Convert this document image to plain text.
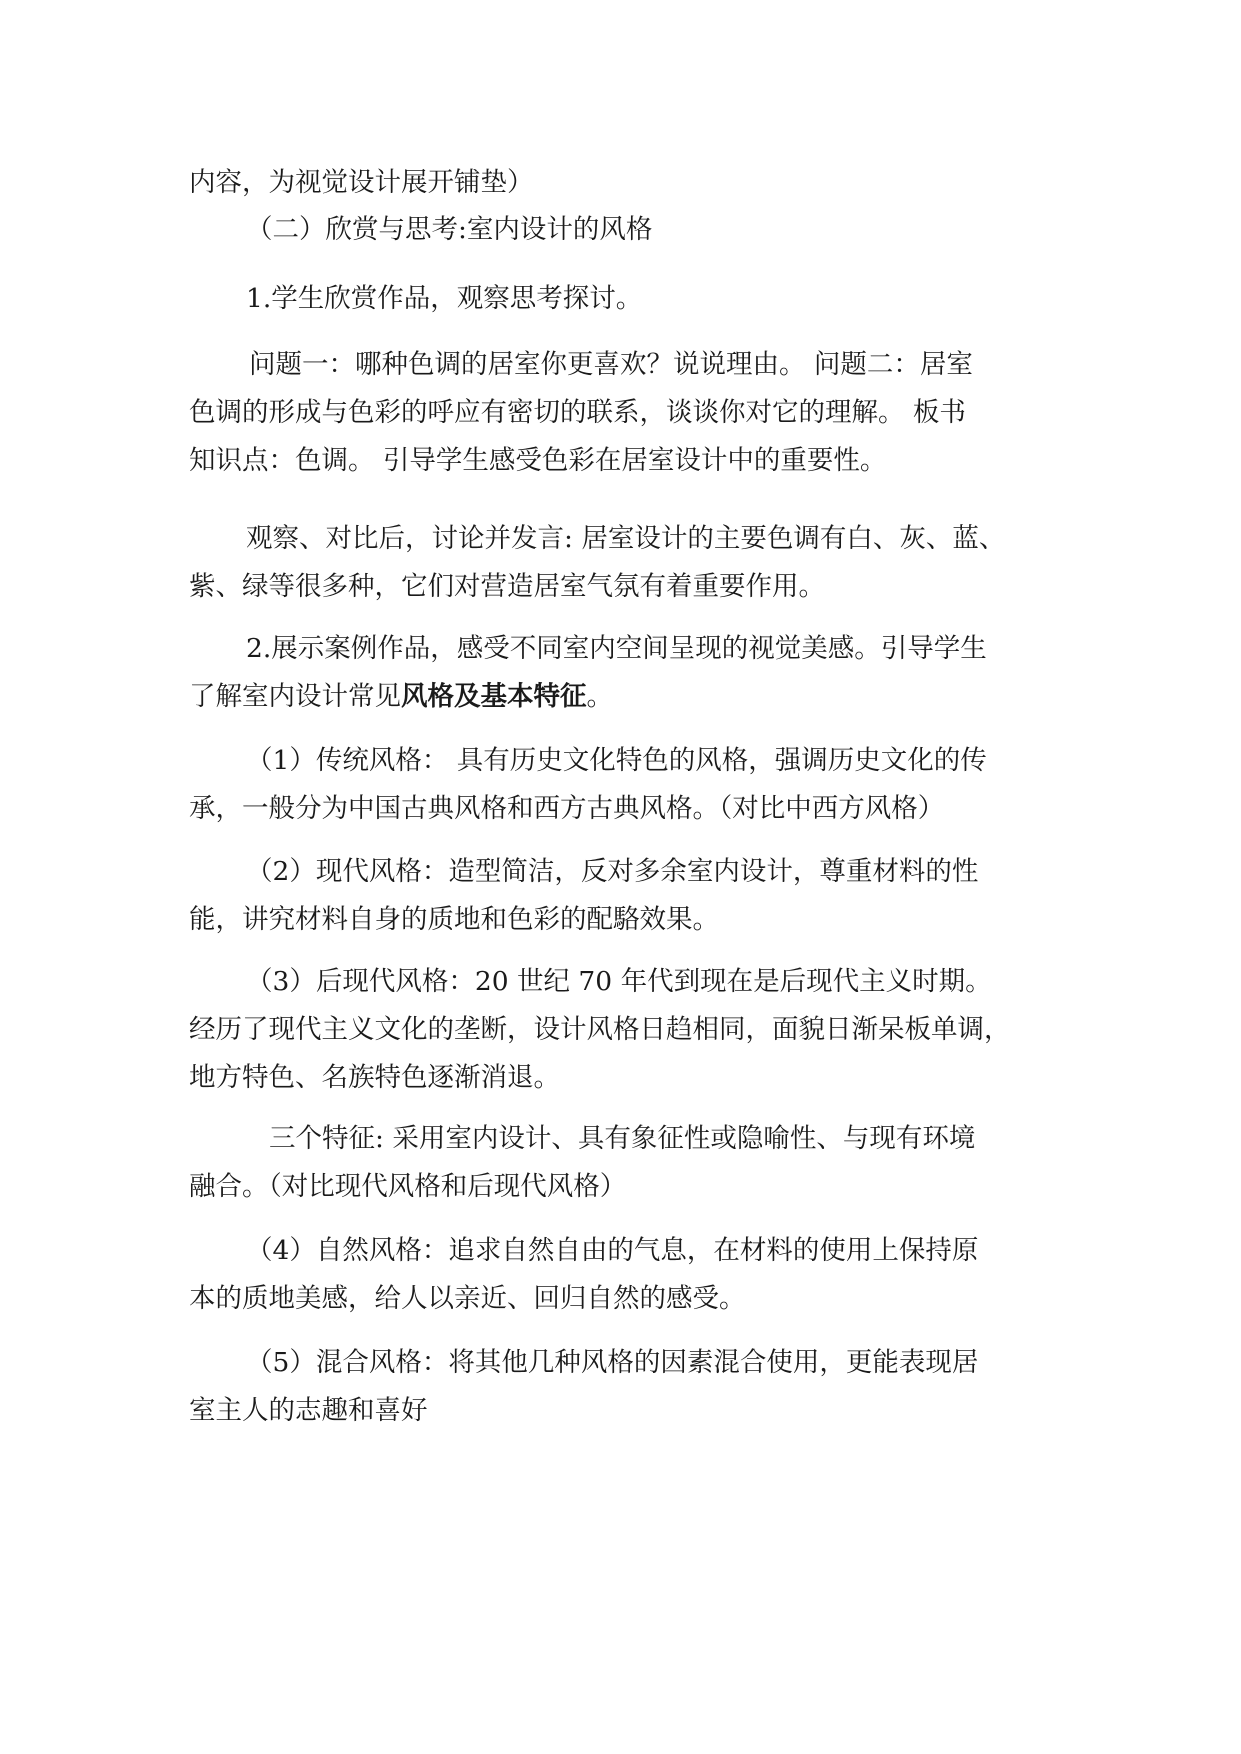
内容，为视觉设计展开铺垫）
（二）欣赏与思考:室内设计的风格
1.学生欣赏作品，观察思考探讨。
问题一：哪种色调的居室你更喜欢？说说理由。 问题二：居室
色调的形成与色彩的呼应有密切的联系，谈谈你对它的理解。 板书
知识点：色调。 引导学生感受色彩在居室设计中的重要性。
观察、对比后，讨论并发言: 居室设计的主要色调有白、灰、蓝、
紫、绿等很多种，它们对营造居室气氛有着重要作用。
2.展示案例作品，感受不同室内空间呈现的视觉美感。引导学生
了解室内设计常见风格及基本特征。
（1）传统风格： 具有历史文化特色的风格，强调历史文化的传
承，一般分为中国古典风格和西方古典风格。（对比中西方风格）
（2）现代风格：造型简洁，反对多余室内设计，尊重材料的性
能，讲究材料自身的质地和色彩的配駱效果。
（3）后现代风格：20 世纪 70 年代到现在是后现代主义时期。
经历了现代主义文化的垄断，设计风格日趋相同，面貌日渐呆板单调，
地方特色、名族特色逐渐消退。
三个特征: 采用室内设计、具有象征性或隐喻性、与现有环境
融合。（对比现代风格和后现代风格）
（4）自然风格：追求自然自由的气息，在材料的使用上保持原
本的质地美感，给人以亲近、回归自然的感受。
（5）混合风格：将其他几种风格的因素混合使用，更能表现居
室主人的志趣和喜好
